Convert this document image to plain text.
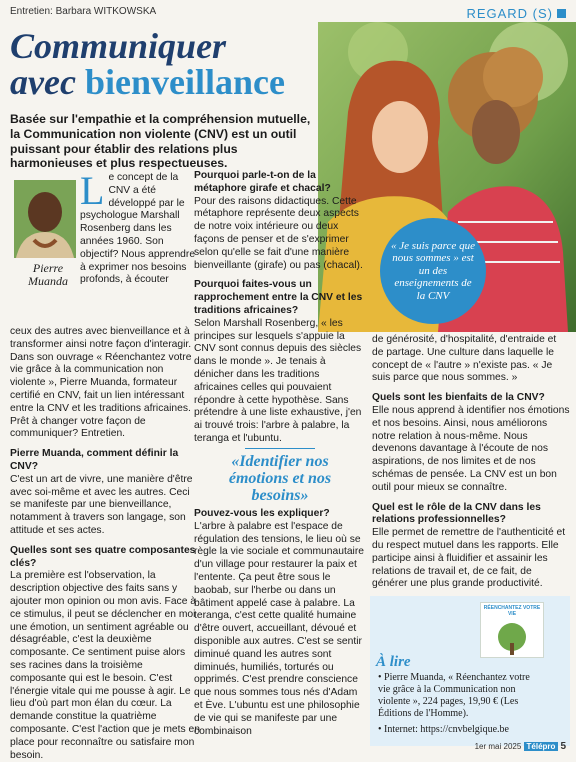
Entretien: Barbara WITKOWSKA	REGARD (S)
Communiquer
avec bienveillance
« Je suis parce que nous sommes » est un des enseignements de la CNV
Basée sur l'empathie et la compréhension mutuelle, la Communication non violente (CNV) est un outil puissant pour établir des relations plus harmonieuses et plus respectueuses.
Pierre
Muanda
Le concept de la CNV a été développé par le psychologue Marshall Rosenberg dans les années 1960. Son objectif? Nous apprendre à exprimer nos besoins profonds, à écouter

ceux des autres avec bienveillance et à transformer ainsi notre façon d'interagir. Dans son ouvrage « Réenchantez votre vie grâce à la communication non violente », Pierre Muanda, formateur certifié en CNV, fait un lien intéressant entre la CNV et les traditions africaines. Prêt à changer votre façon de communiquer? Entretien.

Pierre Muanda, comment définir la CNV?

C'est un art de vivre, une manière d'être avec soi-même et avec les autres. Ceci se manifeste par une bienveillance, notamment à travers son langage, son attitude et ses actes.

Quelles sont ses quatre composantes clés?

La première est l'observation, la description objective des faits sans y ajouter mon opinion ou mon avis. Face à ce stimulus, il peut se déclencher en moi une émotion, un sentiment agréable ou désagréable, c'est la deuxième composante. Ce sentiment puise alors ses racines dans la troisième composante qui est le besoin. C'est l'énergie vitale qui me pousse à agir. Le lieu d'où part mon élan du cœur. La demande constitue la quatrième composante. C'est l'action que je mets en place pour reconnaître ou satisfaire mon besoin.

Pourquoi parle-t-on de la métaphore girafe et chacal?

Pour des raisons didactiques. Cette métaphore représente deux aspects de notre voix intérieure ou deux façons de penser et de s'exprimer selon qu'elle se fait d'une manière bienveillante (girafe) ou pas (chacal).

Pourquoi faites-vous un rapprochement entre la CNV et les traditions africaines?

Selon Marshall Rosenberg, « les principes sur lesquels s'appuie la CNV sont connus depuis des siècles dans le monde ». Je tenais à dénicher dans les traditions africaines celles qui pouvaient répondre à cette hypothèse. Sans prétendre à une liste exhaustive, j'en ai trouvé trois: l'arbre à palabre, la teranga et l'ubuntu.

«Identifier nos émotions et nos besoins»

Pouvez-vous les expliquer?

L'arbre à palabre est l'espace de régulation des tensions, le lieu où se règle la vie sociale et communautaire d'un village pour restaurer la paix et l'entente. Ça peut être sous le baobab, sur l'herbe ou dans un bâtiment appelé case à palabre. La teranga, c'est cette qualité humaine d'être ouvert, accueillant, dévoué et disponible aux autres. C'est se sentir diminué quand les autres sont diminués, humiliés, torturés ou opprimés. C'est prendre conscience que nous sommes tous nés d'Adam et Ève. L'ubuntu est une philosophie de vie qui se manifeste par une combinaison

de générosité, d'hospitalité, d'entraide et de partage. Une culture dans laquelle le concept de « l'autre » n'existe pas. « Je suis parce que nous sommes. »

Quels sont les bienfaits de la CNV?

Elle nous apprend à identifier nos émotions et nos besoins. Ainsi, nous améliorons notre relation à nous-même. Nous devenons davantage à l'écoute de nos aspirations, de nos limites et de nos schémas de pensée. La CNV est un bon outil pour mieux se connaître.

Quel est le rôle de la CNV dans les relations professionnelles?

Elle permet de remettre de l'authenticité et du respect mutuel dans les rapports. Elle participe ainsi à fluidifier et assainir les relations de travail et, de ce fait, de générer une plus grande productivité.

RÉENCHANTEZ VOTRE VIE
À lire
• Pierre Muanda, « Réenchantez votre vie grâce à la Communication non violente », 224 pages, 19,90 € (Les Éditions de l'Homme).
• Internet: https://cnvbelgique.be
1er mai 2025 Télépro 5
